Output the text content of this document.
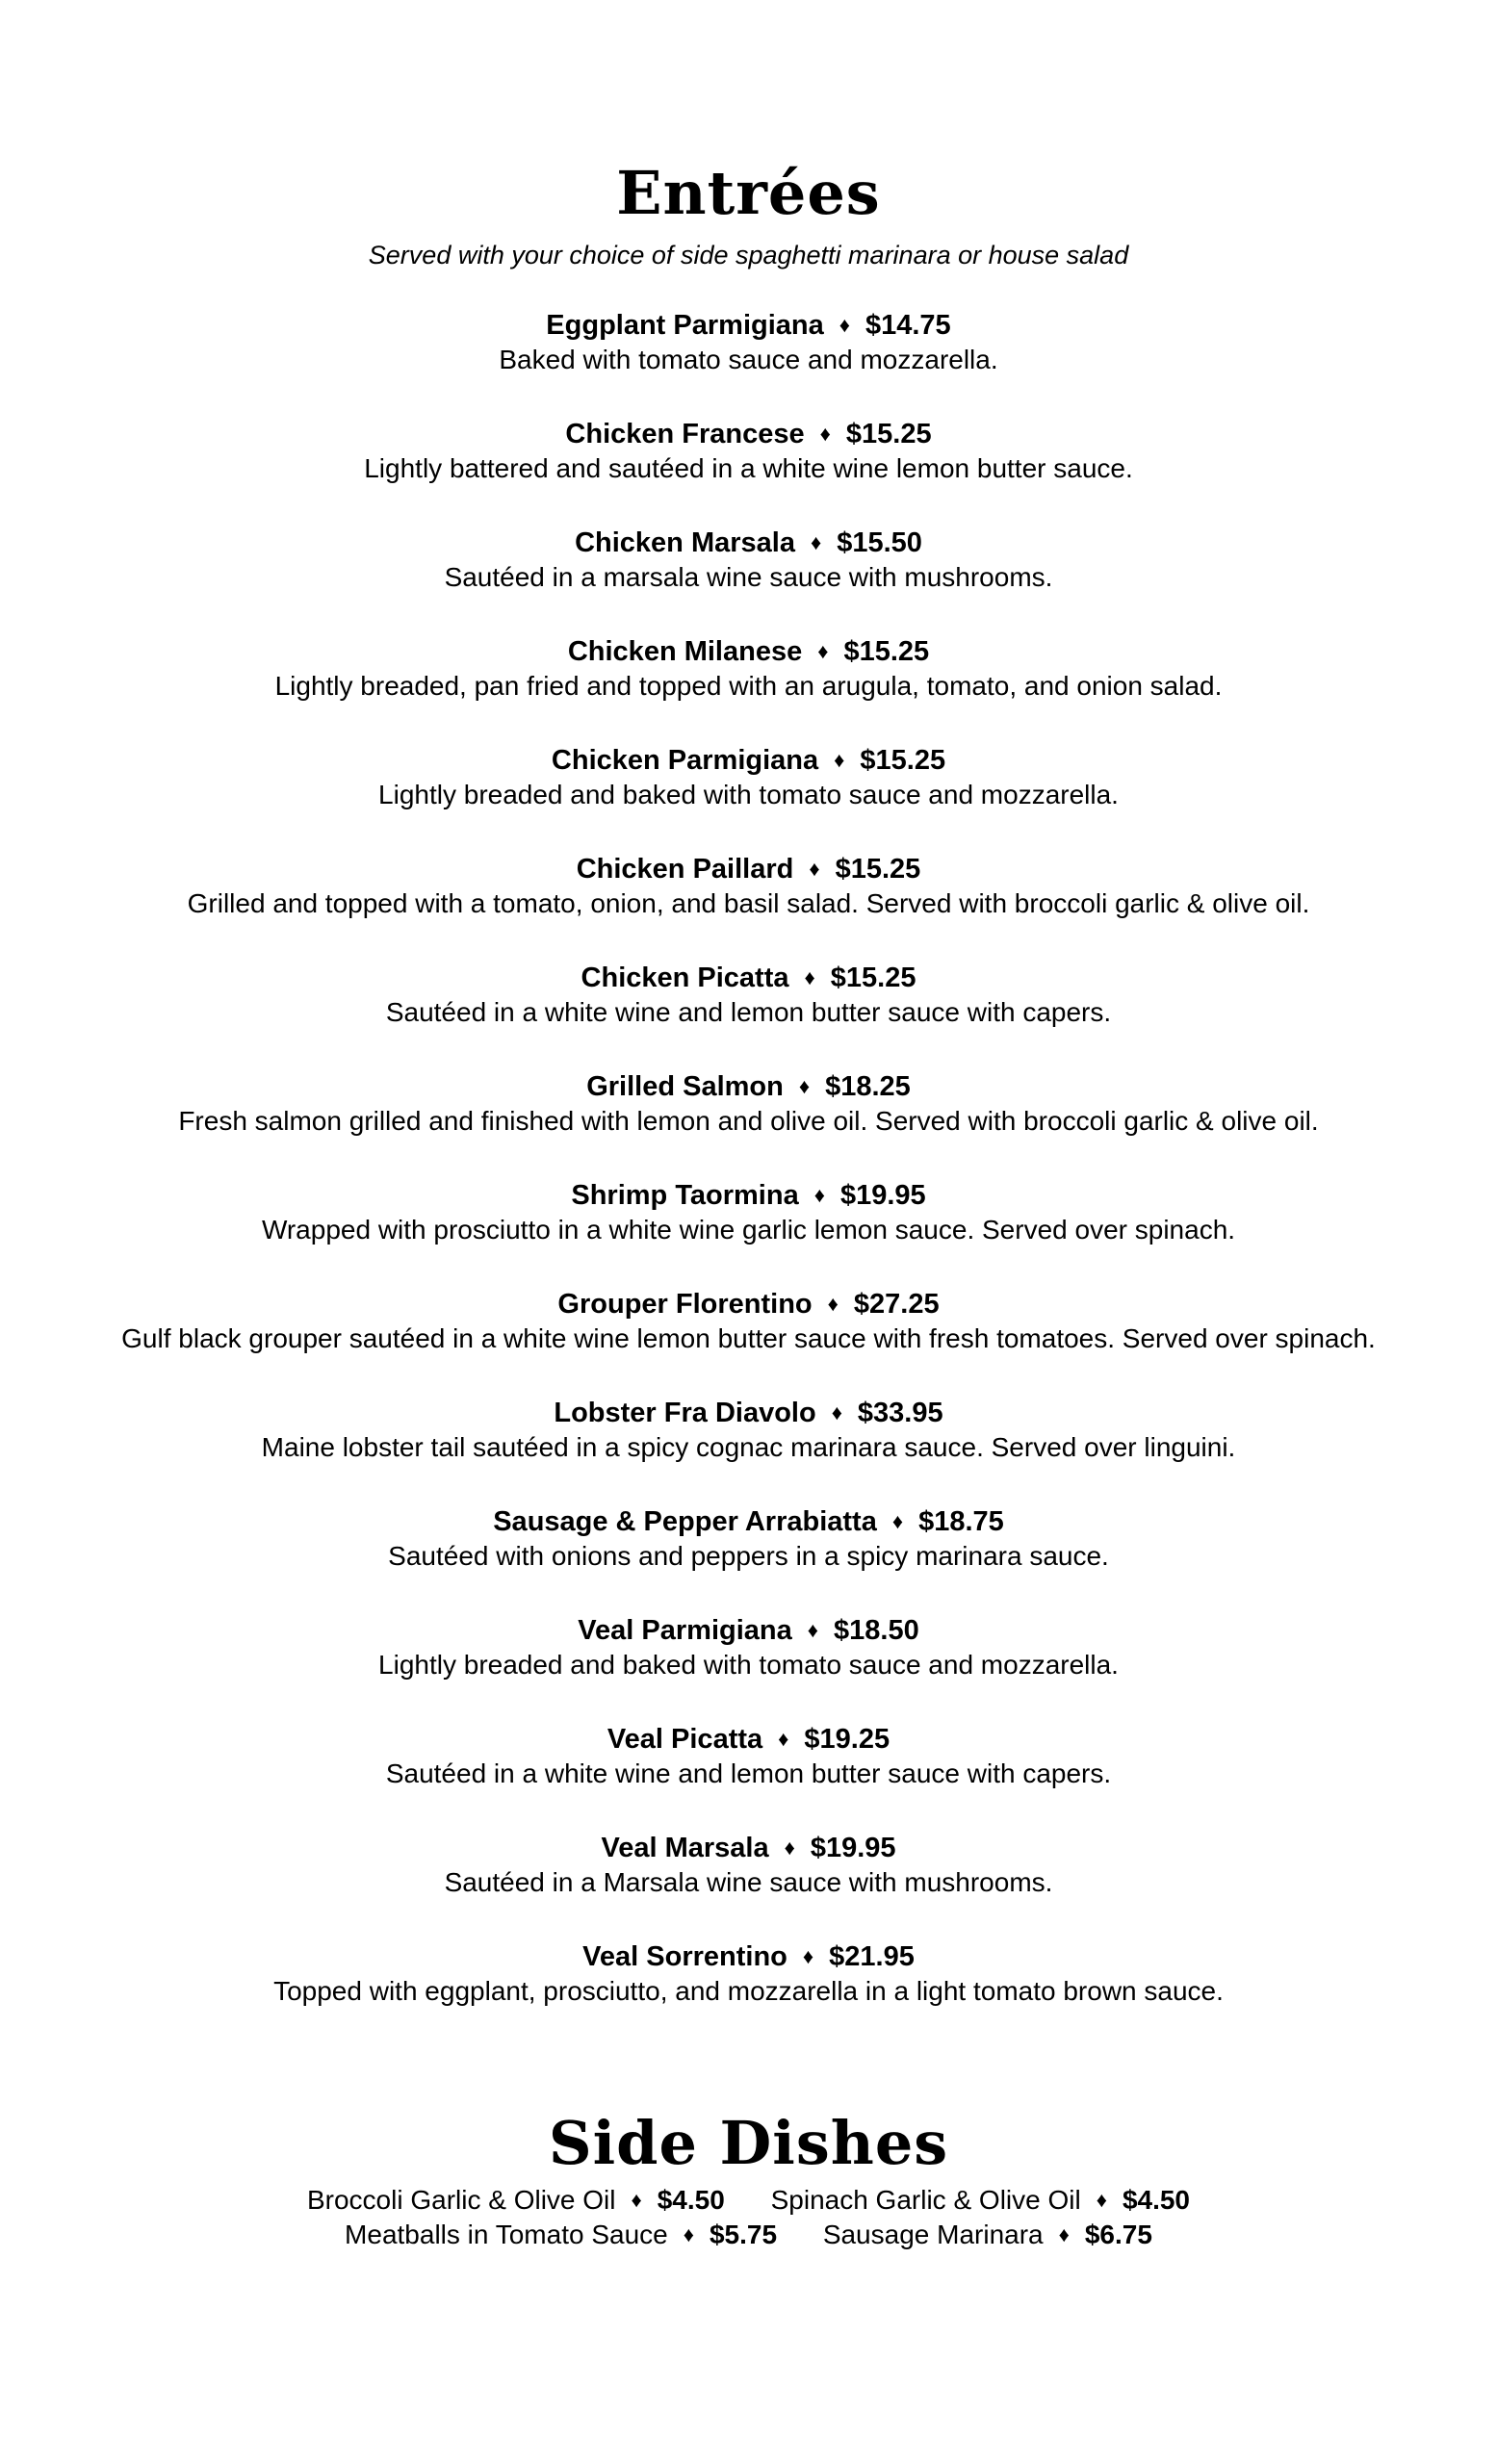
Entrées
Served with your choice of side spaghetti marinara or house salad
Eggplant Parmigiana ♦ $14.75
Baked with tomato sauce and mozzarella.
Chicken Francese ♦ $15.25
Lightly battered and sautéed in a white wine lemon butter sauce.
Chicken Marsala ♦ $15.50
Sautéed in a marsala wine sauce with mushrooms.
Chicken Milanese ♦ $15.25
Lightly breaded, pan fried and topped with an arugula, tomato, and onion salad.
Chicken Parmigiana ♦ $15.25
Lightly breaded and baked with tomato sauce and mozzarella.
Chicken Paillard ♦ $15.25
Grilled and topped with a tomato, onion, and basil salad. Served with broccoli garlic & olive oil.
Chicken Picatta ♦ $15.25
Sautéed in a white wine and lemon butter sauce with capers.
Grilled Salmon ♦ $18.25
Fresh salmon grilled and finished with lemon and olive oil. Served with broccoli garlic & olive oil.
Shrimp Taormina ♦ $19.95
Wrapped with prosciutto in a white wine garlic lemon sauce. Served over spinach.
Grouper Florentino ♦ $27.25
Gulf black grouper sautéed in a white wine lemon butter sauce with fresh tomatoes. Served over spinach.
Lobster Fra Diavolo ♦ $33.95
Maine lobster tail sautéed in a spicy cognac marinara sauce. Served over linguini.
Sausage & Pepper Arrabiatta ♦ $18.75
Sautéed with onions and peppers in a spicy marinara sauce.
Veal Parmigiana ♦ $18.50
Lightly breaded and baked with tomato sauce and mozzarella.
Veal Picatta ♦ $19.25
Sautéed in a white wine and lemon butter sauce with capers.
Veal Marsala ♦ $19.95
Sautéed in a Marsala wine sauce with mushrooms.
Veal Sorrentino ♦ $21.95
Topped with eggplant, prosciutto, and mozzarella in a light tomato brown sauce.
Side Dishes
Broccoli Garlic & Olive Oil ♦ $4.50 Spinach Garlic & Olive Oil ♦ $4.50
Meatballs in Tomato Sauce ♦ $5.75 Sausage Marinara ♦ $6.75
